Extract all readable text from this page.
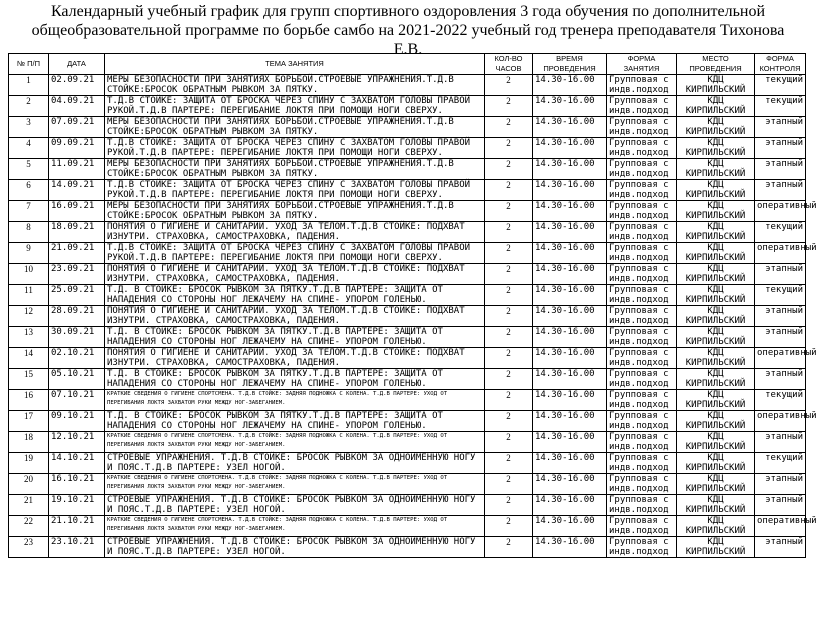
Календарный учебный график для групп спортивного оздоровления 3 года обучения по дополнительной общеобразовательной программе по борьбе самбо на 2021-2022 учебный год тренера преподавателя Тихонова Е.В.
№ П/П	ДАТА	ТЕМА ЗАНЯТИЯ	КОЛ-ВО ЧАСОВ	ВРЕМЯ ПРОВЕДЕНИЯ	ФОРМА ЗАНЯТИЯ	МЕСТО ПРОВЕДЕНИЯ	ФОРМА КОНТРОЛЯ
1	02.09.21	МЕРЫ БЕЗОПАСНОСТИ ПРИ ЗАНЯТИЯХ БОРЬБОЙ.СТРОЕВЫЕ УПРАЖНЕНИЯ.Т.Д.В СТОЙКЕ:БРОСОК ОБРАТНЫМ РЫВКОМ ЗА ПЯТКУ.	2	14.30-16.00	Групповая с индв.подход	КДЦ КИРПИЛЬСКИЙ	текущий
2	04.09.21	Т.Д.В СТОЙКЕ: ЗАЩИТА ОТ БРОСКА ЧЕРЕЗ СПИНУ С ЗАХВАТОМ ГОЛОВЫ ПРАВОЙ РУКОЙ.Т.Д.В ПАРТЕРЕ: ПЕРЕГИБАНИЕ ЛОКТЯ ПРИ ПОМОЩИ НОГИ СВЕРХУ.	2	14.30-16.00	Групповая с индв.подход	КДЦ КИРПИЛЬСКИЙ	текущий
3	07.09.21	МЕРЫ БЕЗОПАСНОСТИ ПРИ ЗАНЯТИЯХ БОРЬБОЙ.СТРОЕВЫЕ УПРАЖНЕНИЯ.Т.Д.В СТОЙКЕ:БРОСОК ОБРАТНЫМ РЫВКОМ ЗА ПЯТКУ.	2	14.30-16.00	Групповая с индв.подход	КДЦ КИРПИЛЬСКИЙ	этапный
4	09.09.21	Т.Д.В СТОЙКЕ: ЗАЩИТА ОТ БРОСКА ЧЕРЕЗ СПИНУ С ЗАХВАТОМ ГОЛОВЫ ПРАВОЙ РУКОЙ.Т.Д.В ПАРТЕРЕ: ПЕРЕГИБАНИЕ ЛОКТЯ ПРИ ПОМОЩИ НОГИ СВЕРХУ.	2	14.30-16.00	Групповая с индв.подход	КДЦ КИРПИЛЬСКИЙ	этапный
5	11.09.21	МЕРЫ БЕЗОПАСНОСТИ ПРИ ЗАНЯТИЯХ БОРЬБОЙ.СТРОЕВЫЕ УПРАЖНЕНИЯ.Т.Д.В СТОЙКЕ:БРОСОК ОБРАТНЫМ РЫВКОМ ЗА ПЯТКУ.	2	14.30-16.00	Групповая с индв.подход	КДЦ КИРПИЛЬСКИЙ	этапный
6	14.09.21	Т.Д.В СТОЙКЕ: ЗАЩИТА ОТ БРОСКА ЧЕРЕЗ СПИНУ С ЗАХВАТОМ ГОЛОВЫ ПРАВОЙ РУКОЙ.Т.Д.В ПАРТЕРЕ: ПЕРЕГИБАНИЕ ЛОКТЯ ПРИ ПОМОЩИ НОГИ СВЕРХУ.	2	14.30-16.00	Групповая с индв.подход	КДЦ КИРПИЛЬСКИЙ	этапный
7	16.09.21	МЕРЫ БЕЗОПАСНОСТИ ПРИ ЗАНЯТИЯХ БОРЬБОЙ.СТРОЕВЫЕ УПРАЖНЕНИЯ.Т.Д.В СТОЙКЕ:БРОСОК ОБРАТНЫМ РЫВКОМ ЗА ПЯТКУ.	2	14.30-16.00	Групповая с индв.подход	КДЦ КИРПИЛЬСКИЙ	оперативный
8	18.09.21	ПОНЯТИЯ О ГИГИЕНЕ И САНИТАРИИ. УХОД ЗА ТЕЛОМ.Т.Д.В СТОЙКЕ: ПОДХВАТ ИЗНУТРИ. СТРАХОВКА, САМОСТРАХОВКА, ПАДЕНИЯ.	2	14.30-16.00	Групповая с индв.подход	КДЦ КИРПИЛЬСКИЙ	текущий
9	21.09.21	Т.Д.В СТОЙКЕ: ЗАЩИТА ОТ БРОСКА ЧЕРЕЗ СПИНУ С ЗАХВАТОМ ГОЛОВЫ ПРАВОЙ РУКОЙ.Т.Д.В ПАРТЕРЕ: ПЕРЕГИБАНИЕ ЛОКТЯ ПРИ ПОМОЩИ НОГИ СВЕРХУ.	2	14.30-16.00	Групповая с индв.подход	КДЦ КИРПИЛЬСКИЙ	оперативный
10	23.09.21	ПОНЯТИЯ О ГИГИЕНЕ И САНИТАРИИ. УХОД ЗА ТЕЛОМ.Т.Д.В СТОЙКЕ: ПОДХВАТ ИЗНУТРИ. СТРАХОВКА, САМОСТРАХОВКА, ПАДЕНИЯ.	2	14.30-16.00	Групповая с индв.подход	КДЦ КИРПИЛЬСКИЙ	этапный
11	25.09.21	Т.Д. В СТОЙКЕ: БРОСОК РЫВКОМ ЗА ПЯТКУ.Т.Д.В ПАРТЕРЕ: ЗАЩИТА ОТ НАПАДЕНИЯ СО СТОРОНЫ НОГ ЛЕЖАЧЕМУ НА СПИНЕ- УПОРОМ ГОЛЕНЬЮ.	2	14.30-16.00	Групповая с индв.подход	КДЦ КИРПИЛЬСКИЙ	текущий
12	28.09.21	ПОНЯТИЯ О ГИГИЕНЕ И САНИТАРИИ. УХОД ЗА ТЕЛОМ.Т.Д.В СТОЙКЕ: ПОДХВАТ ИЗНУТРИ. СТРАХОВКА, САМОСТРАХОВКА, ПАДЕНИЯ.	2	14.30-16.00	Групповая с индв.подход	КДЦ КИРПИЛЬСКИЙ	этапный
13	30.09.21	Т.Д. В СТОЙКЕ: БРОСОК РЫВКОМ ЗА ПЯТКУ.Т.Д.В ПАРТЕРЕ: ЗАЩИТА ОТ НАПАДЕНИЯ СО СТОРОНЫ НОГ ЛЕЖАЧЕМУ НА СПИНЕ- УПОРОМ ГОЛЕНЬЮ.	2	14.30-16.00	Групповая с индв.подход	КДЦ КИРПИЛЬСКИЙ	этапный
14	02.10.21	ПОНЯТИЯ О ГИГИЕНЕ И САНИТАРИИ. УХОД ЗА ТЕЛОМ.Т.Д.В СТОЙКЕ: ПОДХВАТ ИЗНУТРИ. СТРАХОВКА, САМОСТРАХОВКА, ПАДЕНИЯ.	2	14.30-16.00	Групповая с индв.подход	КДЦ КИРПИЛЬСКИЙ	оперативный
15	05.10.21	Т.Д. В СТОЙКЕ: БРОСОК РЫВКОМ ЗА ПЯТКУ.Т.Д.В ПАРТЕРЕ: ЗАЩИТА ОТ НАПАДЕНИЯ СО СТОРОНЫ НОГ ЛЕЖАЧЕМУ НА СПИНЕ- УПОРОМ ГОЛЕНЬЮ.	2	14.30-16.00	Групповая с индв.подход	КДЦ КИРПИЛЬСКИЙ	этапный
16	07.10.21	КРАТКИЕ СВЕДЕНИЯ О ГИГИЕНЕ СПОРТСМЕНА. Т.Д.В СТОЙКЕ: ЗАДНЯЯ ПОДНОЖКА С КОЛЕНА. Т.Д.В ПАРТЕРЕ: УХОД ОТ ПЕРЕГИБАНИЯ ЛОКТЯ ЗАХВАТОМ РУКИ МЕЖДУ НОГ-ЗАБЕГАНИЕМ.	2	14.30-16.00	Групповая с индв.подход	КДЦ КИРПИЛЬСКИЙ	текущий
17	09.10.21	Т.Д. В СТОЙКЕ: БРОСОК РЫВКОМ ЗА ПЯТКУ.Т.Д.В ПАРТЕРЕ: ЗАЩИТА ОТ НАПАДЕНИЯ СО СТОРОНЫ НОГ ЛЕЖАЧЕМУ НА СПИНЕ- УПОРОМ ГОЛЕНЬЮ.	2	14.30-16.00	Групповая с индв.подход	КДЦ КИРПИЛЬСКИЙ	оперативный
18	12.10.21	КРАТКИЕ СВЕДЕНИЯ О ГИГИЕНЕ СПОРТСМЕНА. Т.Д.В СТОЙКЕ: ЗАДНЯЯ ПОДНОЖКА С КОЛЕНА. Т.Д.В ПАРТЕРЕ: УХОД ОТ ПЕРЕГИБАНИЯ ЛОКТЯ ЗАХВАТОМ РУКИ МЕЖДУ НОГ-ЗАБЕГАНИЕМ.	2	14.30-16.00	Групповая с индв.подход	КДЦ КИРПИЛЬСКИЙ	этапный
19	14.10.21	СТРОЕВЫЕ УПРАЖНЕНИЯ. Т.Д.В СТОЙКЕ: БРОСОК РЫВКОМ ЗА ОДНОИМЕННУЮ НОГУ И ПОЯС.Т.Д.В ПАРТЕРЕ: УЗЕЛ НОГОЙ.	2	14.30-16.00	Групповая с индв.подход	КДЦ КИРПИЛЬСКИЙ	текущий
20	16.10.21	КРАТКИЕ СВЕДЕНИЯ О ГИГИЕНЕ СПОРТСМЕНА. Т.Д.В СТОЙКЕ: ЗАДНЯЯ ПОДНОЖКА С КОЛЕНА. Т.Д.В ПАРТЕРЕ: УХОД ОТ ПЕРЕГИБАНИЯ ЛОКТЯ ЗАХВАТОМ РУКИ МЕЖДУ НОГ-ЗАБЕГАНИЕМ.	2	14.30-16.00	Групповая с индв.подход	КДЦ КИРПИЛЬСКИЙ	этапный
21	19.10.21	СТРОЕВЫЕ УПРАЖНЕНИЯ. Т.Д.В СТОЙКЕ: БРОСОК РЫВКОМ ЗА ОДНОИМЕННУЮ НОГУ И ПОЯС.Т.Д.В ПАРТЕРЕ: УЗЕЛ НОГОЙ.	2	14.30-16.00	Групповая с индв.подход	КДЦ КИРПИЛЬСКИЙ	этапный
22	21.10.21	КРАТКИЕ СВЕДЕНИЯ О ГИГИЕНЕ СПОРТСМЕНА. Т.Д.В СТОЙКЕ: ЗАДНЯЯ ПОДНОЖКА С КОЛЕНА. Т.Д.В ПАРТЕРЕ: УХОД ОТ ПЕРЕГИБАНИЯ ЛОКТЯ ЗАХВАТОМ РУКИ МЕЖДУ НОГ-ЗАБЕГАНИЕМ.	2	14.30-16.00	Групповая с индв.подход	КДЦ КИРПИЛЬСКИЙ	оперативный
23	23.10.21	СТРОЕВЫЕ УПРАЖНЕНИЯ. Т.Д.В СТОЙКЕ: БРОСОК РЫВКОМ ЗА ОДНОИМЕННУЮ НОГУ И ПОЯС.Т.Д.В ПАРТЕРЕ: УЗЕЛ НОГОЙ.	2	14.30-16.00	Групповая с индв.подход	КДЦ КИРПИЛЬСКИЙ	этапный
